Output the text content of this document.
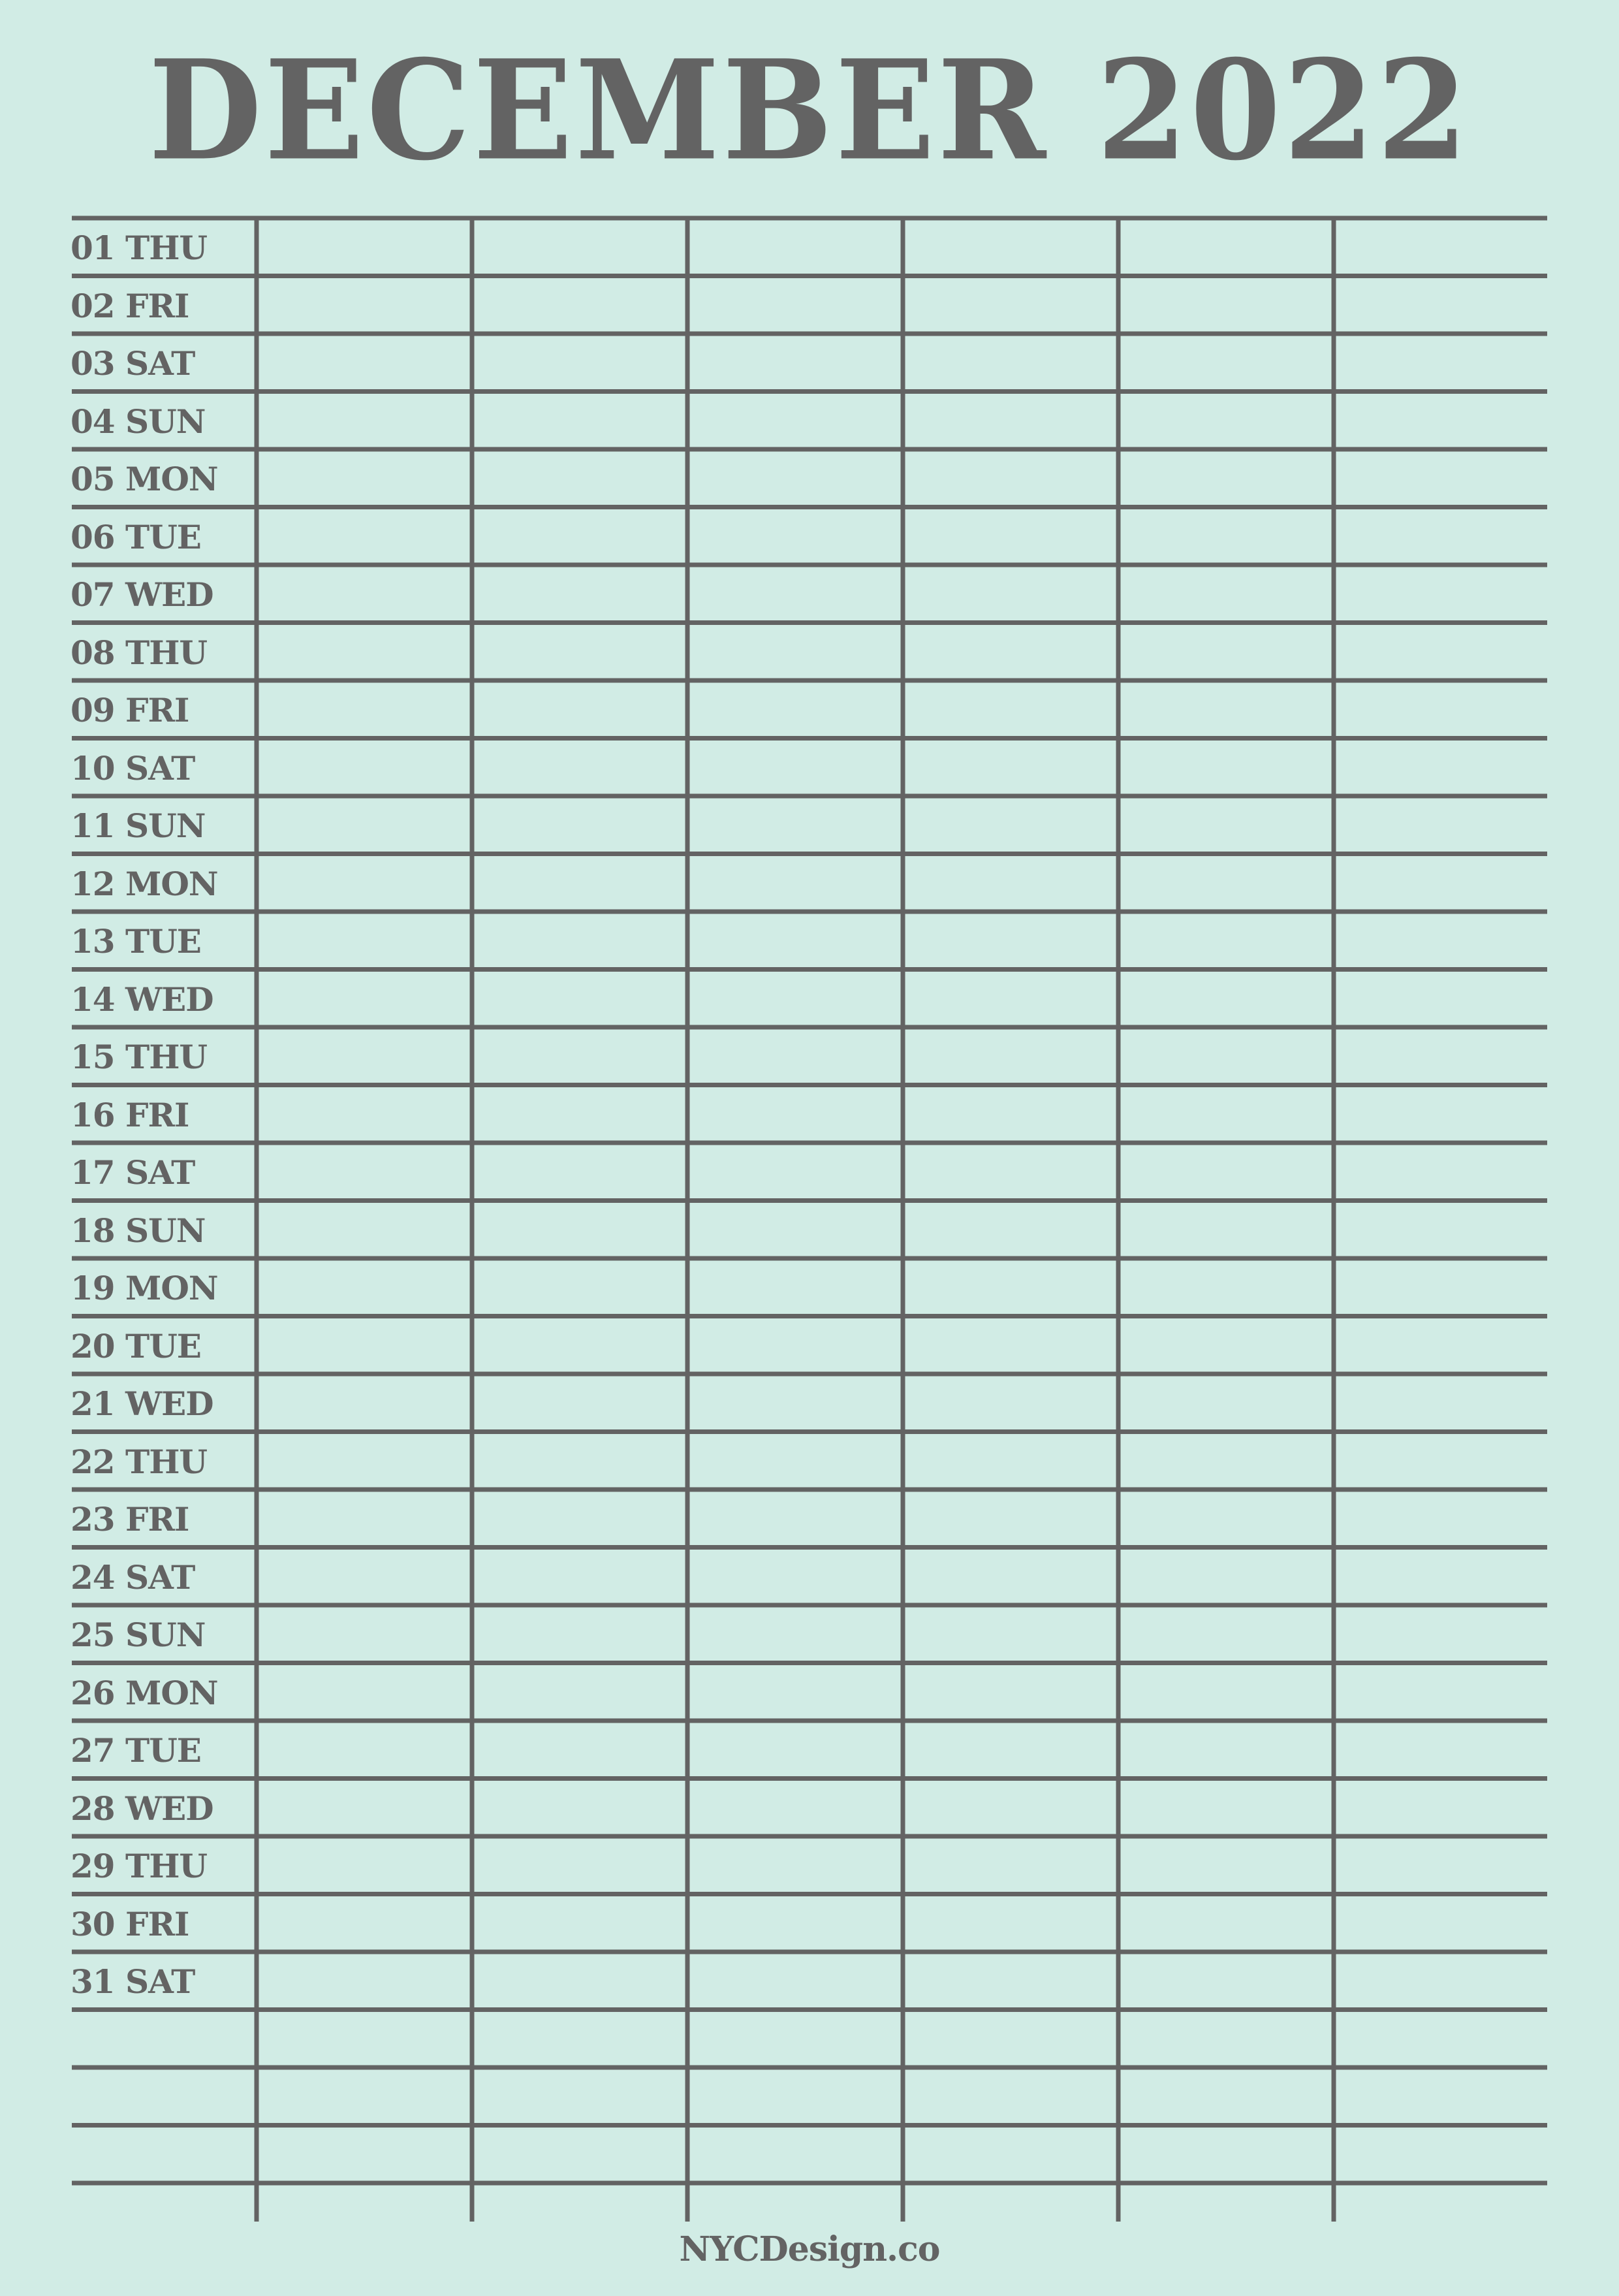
DECEMBER 2022
01 THU
02 FRI
03 SAT
04 SUN
05 MON
06 TUE
07 WED
08 THU
09 FRI
10 SAT
11 SUN
12 MON
13 TUE
14 WED
15 THU
16 FRI
17 SAT
18 SUN
19 MON
20 TUE
21 WED
22 THU
23 FRI
24 SAT
25 SUN
26 MON
27 TUE
28 WED
29 THU
30 FRI
31 SAT
NYCDesign.co
